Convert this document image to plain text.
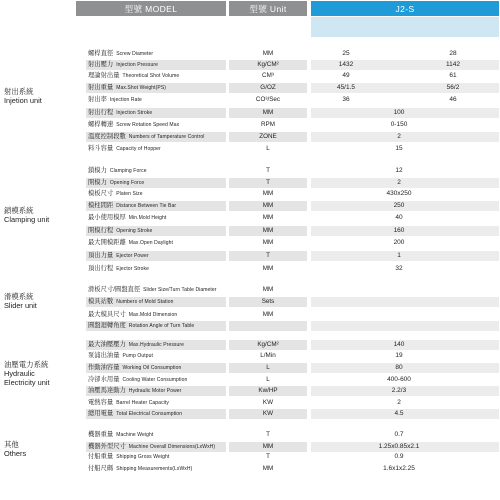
型號 MODEL	型號 Unit	J2-S
射出系統
Injetion unit
鎖模系統
Clamping unit
滑模系統
Slider unit
油壓電力系統
Hydraulic
Electricity unit
其他
Others
螺桿直徑 Screw Diameter	MM	25	28
射出壓力 Injection Pressure	Kg/CM²	1432	1142
理論射出量 Theoretical Shot Volume	CM³	49	61
射出重量 Max.Shot Weight(PS)	G/OZ	45/1.5	56/2
射出率 Injection Rate	CO³/Sec	36	46
射出行程 Injection Stroke	MM	100
螺桿轉速 Screw Rotation Speed Max	RPM	0-150
溫度控制段數 Numbers of Tamperature Control	ZONE	2
料斗容量 Capacity of Hopper	L	15
鎖模力 Clamping Force	T	12
開模力 Opening Force	T	2
模板尺寸 Platen Size	MM	430x250
模柱間距 Distance Between Tie Bar	MM	250
最小使用模厚 Min.Mold Height	MM	40
開模行程 Opening Stroke	MM	160
最大開模距離 Max.Open Daylight	MM	200
頂出力量 Ejector Power	T	1
頂出行程 Ejector Stroke	MM	32
滑板尺寸/圓盤直徑 Slider Size/Turn Table Diameter	MM
模具站數 Numbers of Mold Station	Sets
最大模具尺寸 Max.Mold Dimension	MM
圓盤迴轉角度 Rotation Angle of Turn Table
最大油壓壓力 Max.Hydraulic Pressure	Kg/CM²	140
泵浦出油量 Pump Output	L/Min	19
作動油容量 Working Oil Consumption	L	80
冷卻水用量 Cooling Water Consumption	L	400-600
油壓馬達動力 Hydraulic Motor Power	Kw/HP	2.2/3
電熱容量 Barrel Heater Capacity	KW	2
總用電量 Total Electrical Consumption	KW	4.5
機器重量 Machine Weight	T	0.7
機器外型尺寸 Machine Overall Dimensions(LxWxH)	MM	1.25x0.85x2.1
付船重量 Shipping Gross Weight	T	0.9
付船尺碼 Shipping Measurements(LxWxH)	MM	1.6x1x2.25
